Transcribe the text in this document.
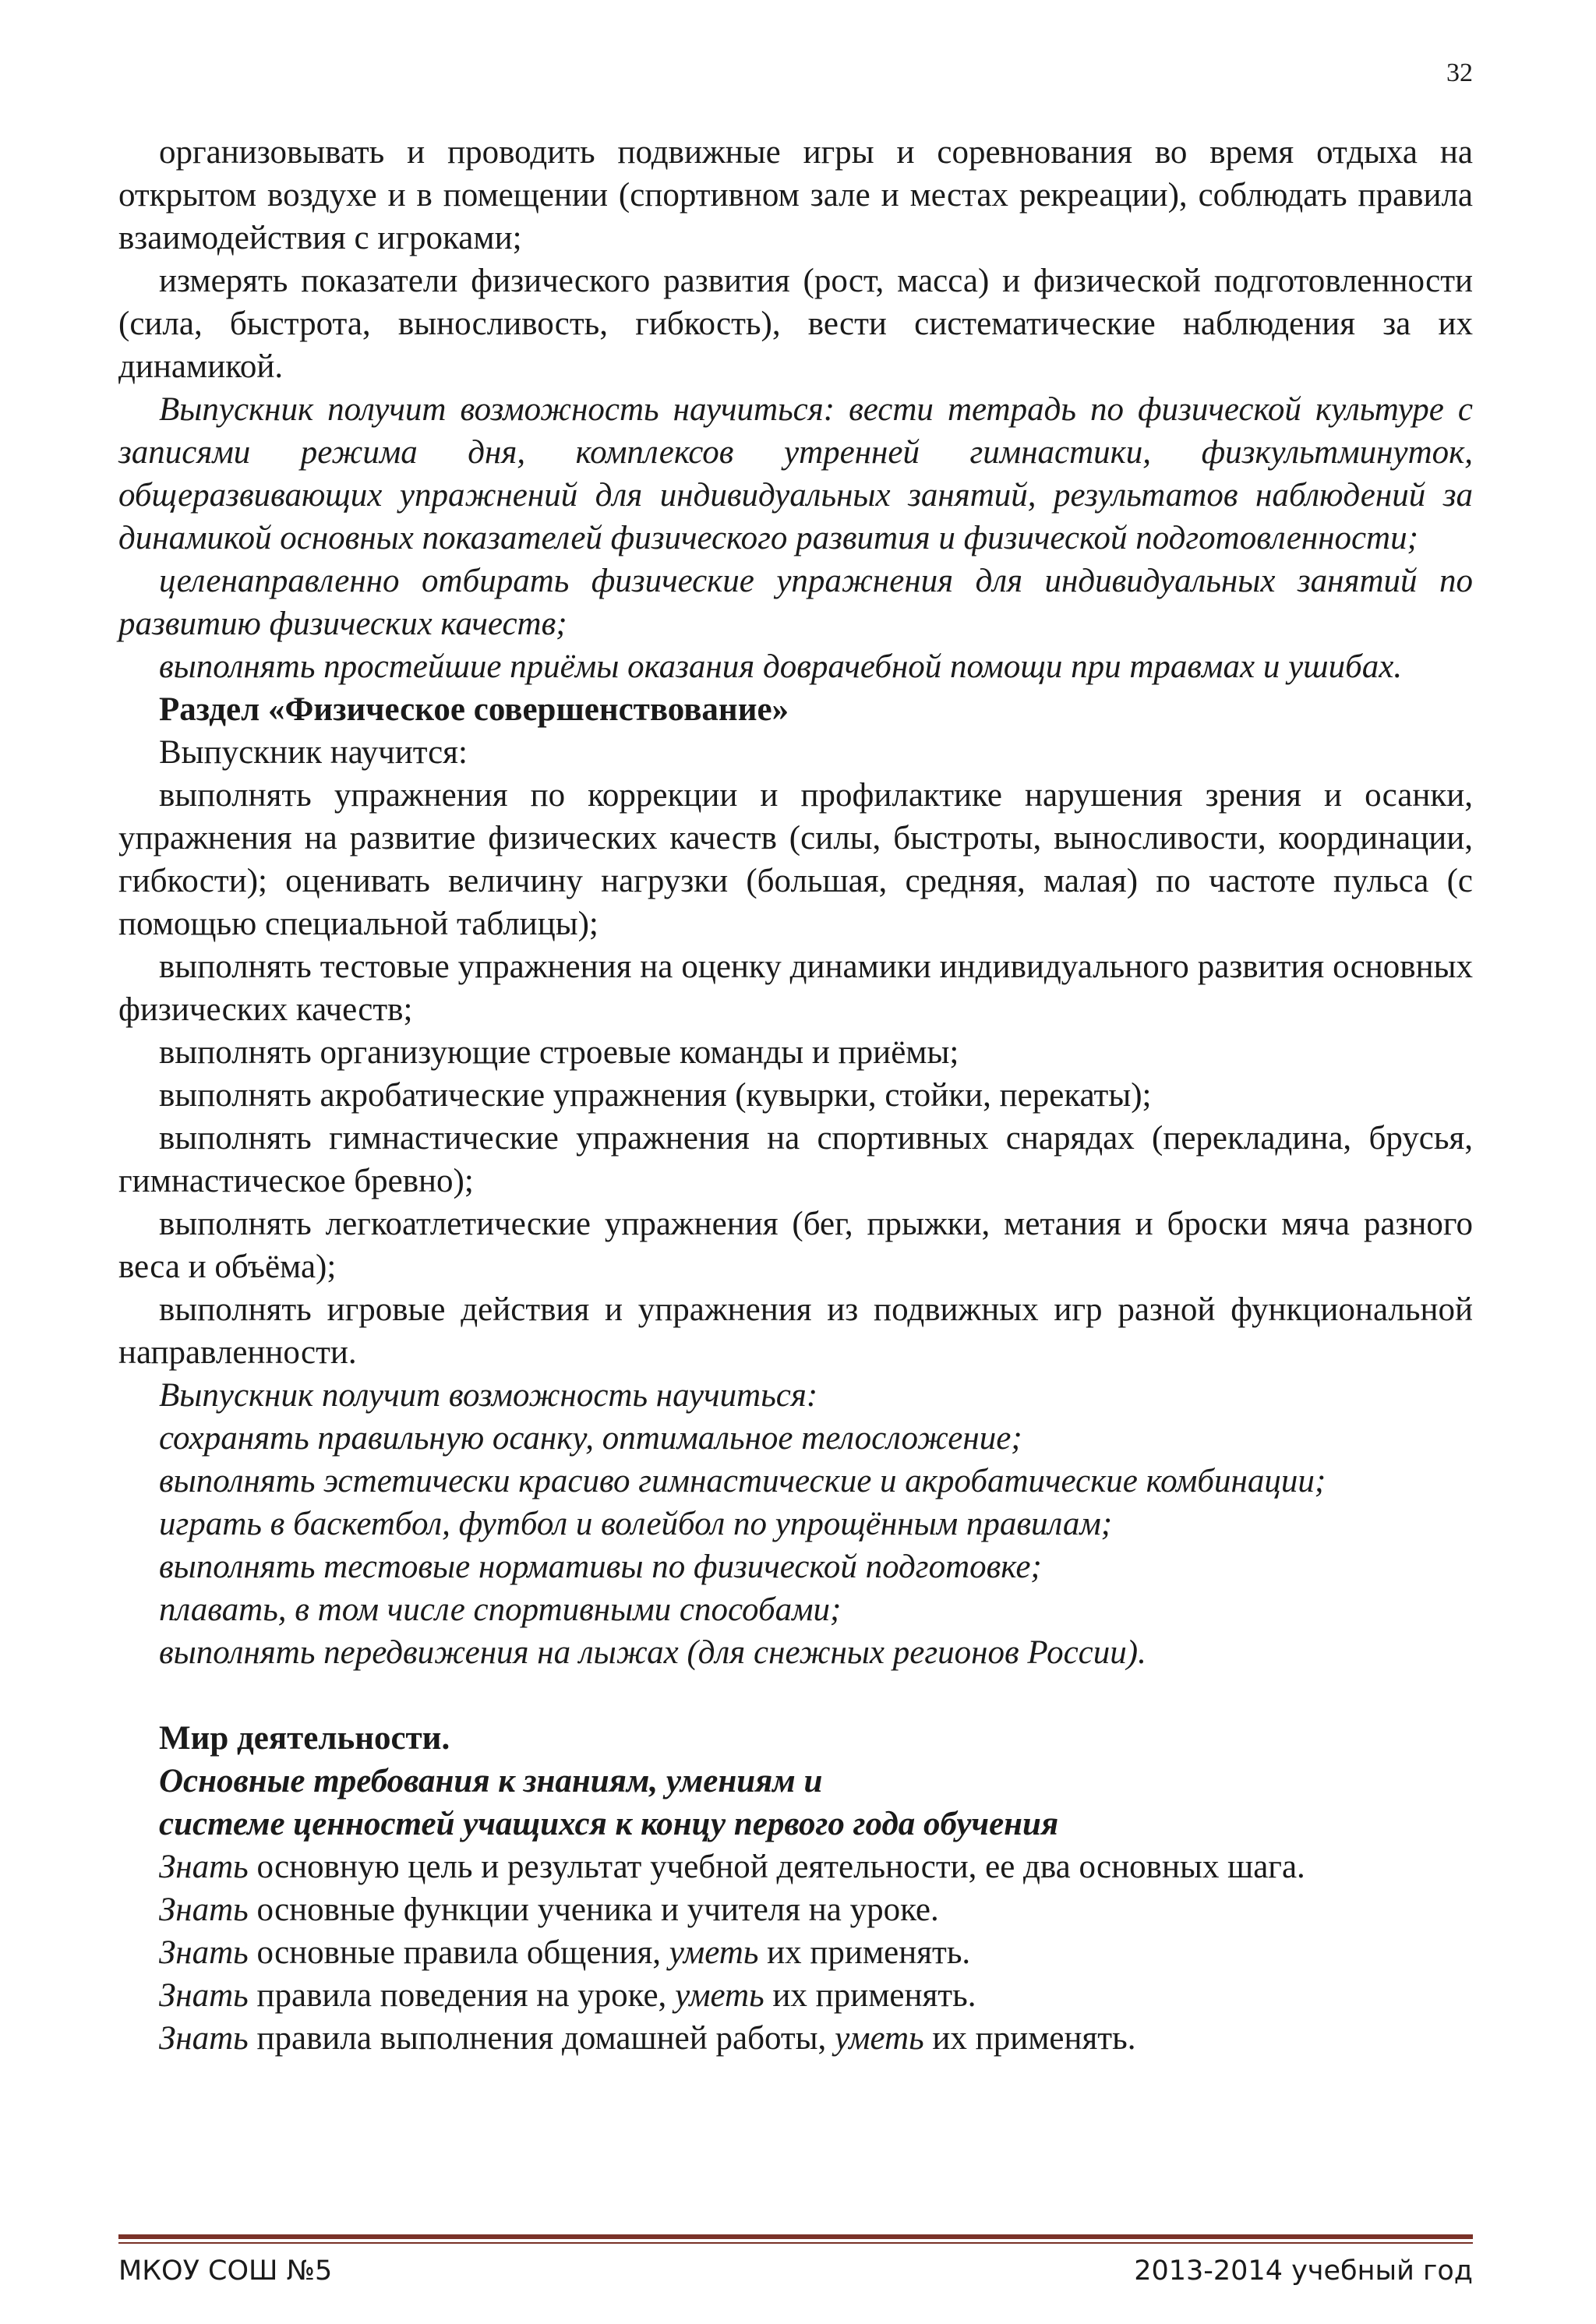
32

организовывать и проводить подвижные игры и соревнования во время отдыха на открытом воздухе и в помещении (спортивном зале и местах рекреации), соблюдать правила взаимодействия с игроками;

измерять показатели физического развития (рост, масса) и физической подготовленности (сила, быстрота, выносливость, гибкость), вести систематические наблюдения за их динамикой.

Выпускник получит возможность научиться: вести тетрадь по физической культуре с записями режима дня, комплексов утренней гимнастики, физкультминуток, общеразвивающих упражнений для индивидуальных занятий, результатов наблюдений за динамикой основных показателей физического развития и физической подготовленности;

целенаправленно отбирать физические упражнения для индивидуальных занятий по развитию физических качеств;

выполнять простейшие приёмы оказания доврачебной помощи при травмах и ушибах.

Раздел «Физическое совершенствование»

Выпускник научится:

выполнять упражнения по коррекции и профилактике нарушения зрения и осанки, упражнения на развитие физических качеств (силы, быстроты, выносливости, координации, гибкости); оценивать величину нагрузки (большая, средняя, малая) по частоте пульса (с помощью специальной таблицы);

выполнять тестовые упражнения на оценку динамики индивидуального развития основных физических качеств;

выполнять организующие строевые команды и приёмы;

выполнять акробатические упражнения (кувырки, стойки, перекаты);

выполнять гимнастические упражнения на спортивных снарядах (перекладина, брусья, гимнастическое бревно);

выполнять легкоатлетические упражнения (бег, прыжки, метания и броски мяча разного веса и объёма);

выполнять игровые действия и упражнения из подвижных игр разной функциональной направленности.

Выпускник получит возможность научиться:

сохранять правильную осанку, оптимальное телосложение;

выполнять эстетически красиво гимнастические и акробатические комбинации;

играть в баскетбол, футбол и волейбол по упрощённым правилам;

выполнять тестовые нормативы по физической подготовке;

плавать, в том числе спортивными способами;

выполнять передвижения на лыжах (для снежных регионов России).

Мир деятельности.

Основные требования к знаниям, умениям и

системе ценностей учащихся к концу первого года обучения

Знать основную цель и результат учебной деятельности, ее два основных шага.

Знать основные функции ученика и учителя на уроке.

Знать основные правила общения, уметь их применять.

Знать правила поведения на уроке, уметь их применять.

Знать правила выполнения домашней работы, уметь их применять.

МКОУ СОШ №5	2013-2014 учебный год
